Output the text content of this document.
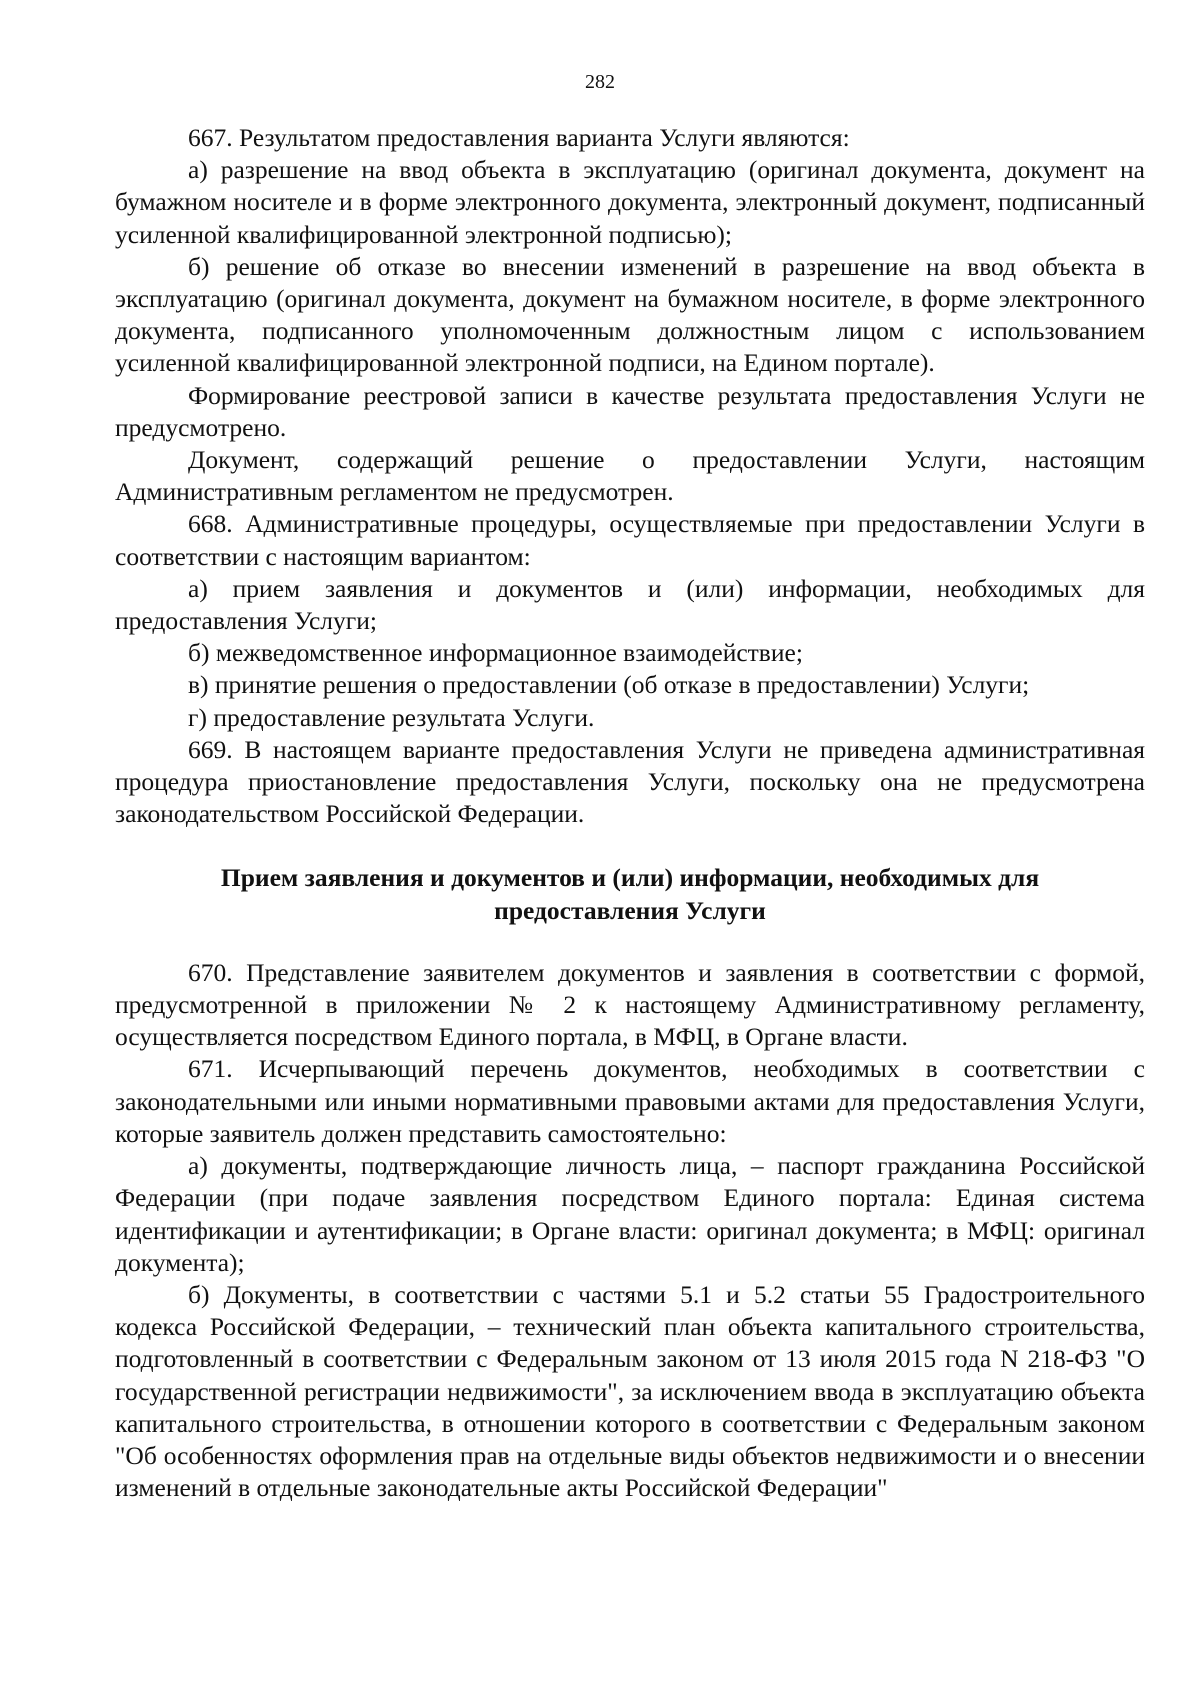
282

667. Результатом предоставления варианта Услуги являются:

а) разрешение на ввод объекта в эксплуатацию (оригинал документа, документ на бумажном носителе и в форме электронного документа, электронный документ, подписанный усиленной квалифицированной электронной подписью);

б) решение об отказе во внесении изменений в разрешение на ввод объекта в эксплуатацию (оригинал документа, документ на бумажном носителе, в форме электронного документа, подписанного уполномоченным должностным лицом с использованием усиленной квалифицированной электронной подписи, на Едином портале).

Формирование реестровой записи в качестве результата предоставления Услуги не предусмотрено.

Документ, содержащий решение о предоставлении Услуги, настоящим Административным регламентом не предусмотрен.

668. Административные процедуры, осуществляемые при предоставлении Услуги в соответствии с настоящим вариантом:

а) прием заявления и документов и (или) информации, необходимых для предоставления Услуги;

б) межведомственное информационное взаимодействие;

в) принятие решения о предоставлении (об отказе в предоставлении) Услуги;

г) предоставление результата Услуги.

669. В настоящем варианте предоставления Услуги не приведена административная процедура приостановление предоставления Услуги, поскольку она не предусмотрена законодательством Российской Федерации.

Прием заявления и документов и (или) информации, необходимых для
предоставления Услуги

670. Представление заявителем документов и заявления в соответствии с формой, предусмотренной в приложении № 2 к настоящему Административному регламенту, осуществляется посредством Единого портала, в МФЦ, в Органе власти.

671. Исчерпывающий перечень документов, необходимых в соответствии с законодательными или иными нормативными правовыми актами для предоставления Услуги, которые заявитель должен представить самостоятельно:

а) документы, подтверждающие личность лица, – паспорт гражданина Российской Федерации (при подаче заявления посредством Единого портала: Единая система идентификации и аутентификации; в Органе власти: оригинал документа; в МФЦ: оригинал документа);

б) Документы, в соответствии с частями 5.1 и 5.2 статьи 55 Градостроительного кодекса Российской Федерации, – технический план объекта капитального строительства, подготовленный в соответствии с Федеральным законом от 13 июля 2015 года N 218-ФЗ "О государственной регистрации недвижимости", за исключением ввода в эксплуатацию объекта капитального строительства, в отношении которого в соответствии с Федеральным законом "Об особенностях оформления прав на отдельные виды объектов недвижимости и о внесении изменений в отдельные законодательные акты Российской Федерации"
